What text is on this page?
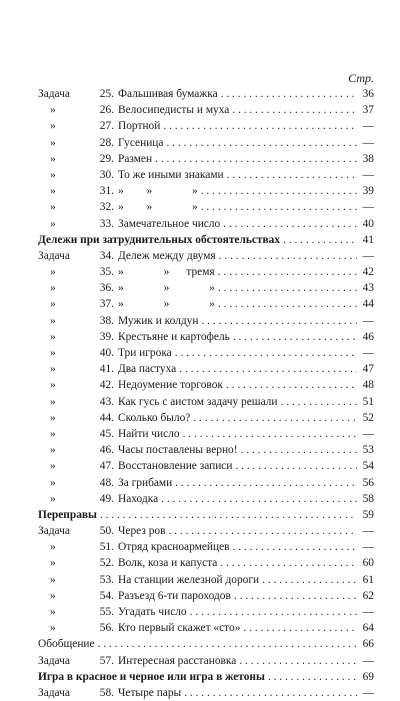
Стр.
Задача	25. Фальшивая бумажка . . .	36
»	26. Велосипедисты и муха . . .	37
»	27. Портной . . .	—
»	28. Гусеница . . .	—
»	29. Размен . . .	38
»	30. То же иными знаками . . .	—
»	31. »        »              » . . .	39
»	32. »        »              » . . .	—
»	33. Замечательное число . . .	40
Дележи при затруднительных обстоятельствах . . .	41
Задача	34. Дележ между двумя . . .	—
»	35. »              »      тремя . . .	42
»	36. »              »              » . . .	43
»	37. »              »              » . . .	44
»	38. Мужик и колдун . . .	—
»	39. Крестьяне и картофель . . .	46
»	40. Три игрока . . .	—
»	41. Два пастуха . . .	47
»	42. Недоумение торговок . . .	48
»	43. Как гусь с аистом задачу решали . . .	51
»	44. Сколько было? . . .	52
»	45. Найти число . . .	—
»	46. Часы поставлены верно! . . .	53
»	47. Восстановление записи . . .	54
»	48. За грибами . . .	56
»	49. Находка . . .	58
Переправы . . .	59
Задача	50. Через ров . . .	—
»	51. Отряд красноармейцев . . .	—
»	52. Волк, коза и капуста . . .	60
»	53. На станции железной дороги . . .	61
»	54. Разъезд 6-ти пароходов . . .	62
»	55. Угадать число . . .	—
»	56. Кто первый скажет «сто» . . .	64
Обобщение . . .	66
Задача	57. Интересная расстановка . . .	—
Игра в красное и черное или игра в жетоны . . .	69
Задача	58. Четыре пары . . .	—
